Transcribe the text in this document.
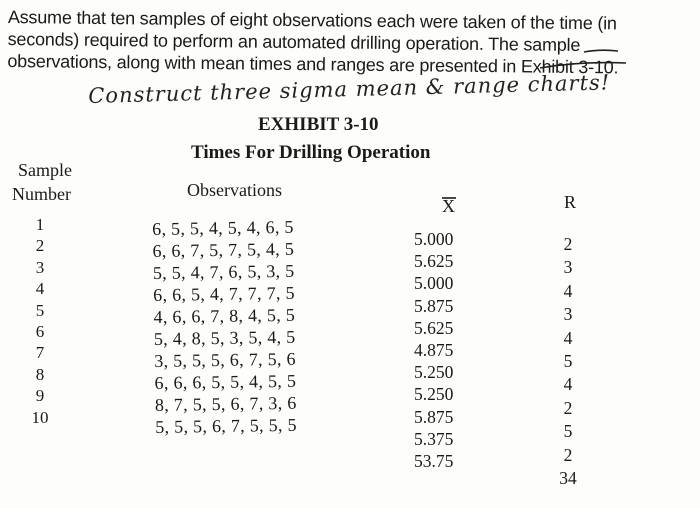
Assume that ten samples of eight observations each were taken of the time (in
seconds) required to perform an automated drilling operation. The sample
observations, along with mean times and ranges are presented in Exhibit 3-10.
Construct three sigma mean & range charts!
EXHIBIT 3-10
Times For Drilling Operation
Sample
Number	Observations
X	R
1
2
3
4
5
6
7
8
9
10
6, 5, 5, 4, 5, 4, 6, 5
6, 6, 7, 5, 7, 5, 4, 5
5, 5, 4, 7, 6, 5, 3, 5
6, 6, 5, 4, 7, 7, 7, 5
4, 6, 6, 7, 8, 4, 5, 5
5, 4, 8, 5, 3, 5, 4, 5
3, 5, 5, 5, 6, 7, 5, 6
6, 6, 6, 5, 5, 4, 5, 5
8, 7, 5, 5, 6, 7, 3, 6
5, 5, 5, 6, 7, 5, 5, 5
5.000
5.625
5.000
5.875
5.625
4.875
5.250
5.250
5.875
5.375
53.75
2
3
4
3
4
5
4
2
5
2
34
